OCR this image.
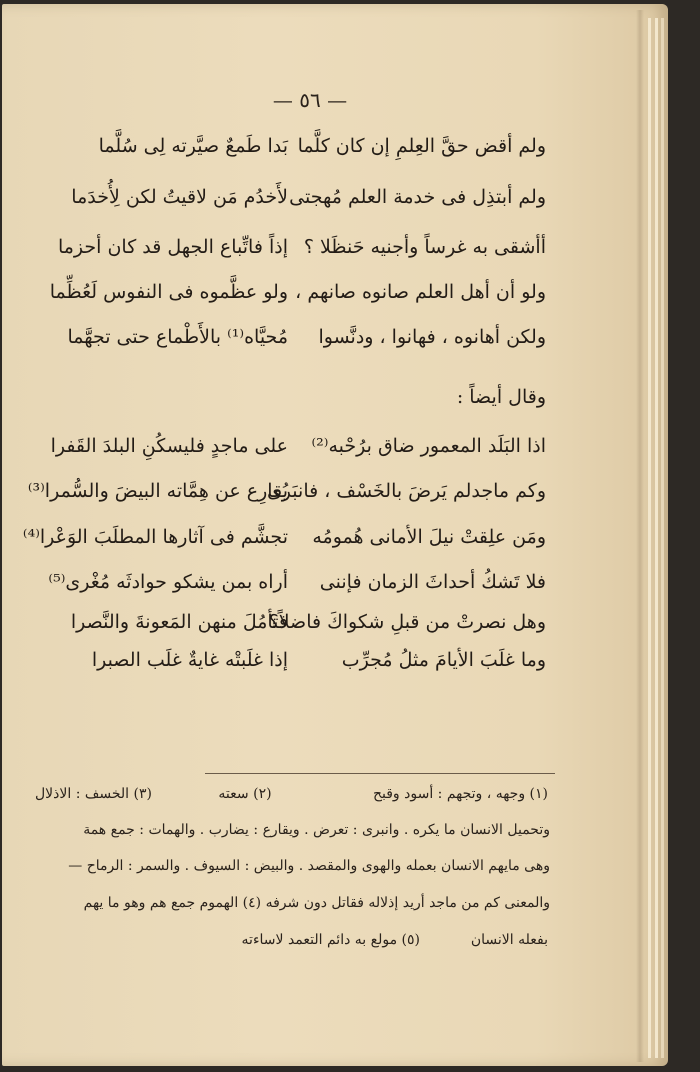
— ٥٦ —
ولم أقض حقَّ العِلمِ إن كان كلَّما
ولم أبتذِل فى خدمة العلم مُهجتى
أأشقى به غرساً وأجنيه حَنظَلا ؟
ولو أن أهل العلم صانوه صانهم ،
ولكن أهانوه ، فهانوا ، ودنَّسوا
بَدا طَمعٌ صيَّرته لِى سُلَّما
لأَخدُم مَن لاقيتُ لكن لِأُخدَما
إذاً فاتِّباع الجهل قد كان أحزما
ولو عظَّموه فى النفوس لَعُظِّما
مُحيَّاه⁽¹⁾ بالأَطْماع حتى تجهَّما
وقال أيضاً :
اذا البَلَد المعمور ضاق برُحْبه⁽²⁾
وكم ماجدلم يَرضَ بالخَسْف ، فانبَرى
ومَن علِقتْ نيلَ الأمانى هُمومُه
فلا تَشكُ أحداثَ الزمان فإننى
وهل نصرتْ من قبلِ شكواكَ فاضلاً؟
وما غلَبَ الأيامَ مثلُ مُجرِّب
على ماجدٍ فليسكُنِ البلدَ القَفرا
يُقارِع عن هِمَّاته البيضَ والسُّمرا⁽³⁾
تجشَّم فى آثارها المطلَبَ الوَعْرا⁽⁴⁾
أراه بمن يشكو حوادثَه مُغْرى⁽⁵⁾
فتأمُلَ منهن المَعونةَ والنَّصرا
إذا غلَبتْه غايةٌ غلَب الصبرا
(١) وجهه ، وتجهم : أسود وقبح
(٢) سعته
(٣) الخسف : الاذلال
وتحميل الانسان ما يكره . وانبرى : تعرض . ويقارع : يضارب . والهمات : جمع همة
وهى مايهم الانسان بعمله والهوى والمقصد . والبيض : السيوف . والسمر : الرماح —
والمعنى كم من ماجد أريد إذلاله فقاتل دون شرفه (٤) الهموم جمع هم وهو ما يهم
بفعله الانسان
(٥) مولع به دائم التعمد لاساءته
